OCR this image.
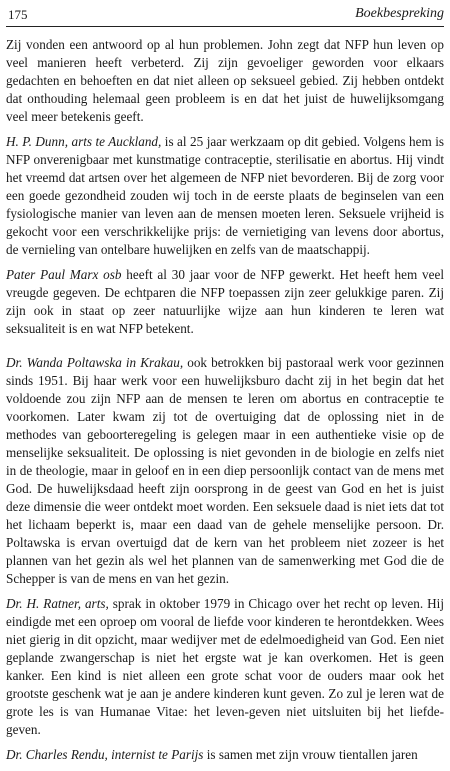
175	Boekbespreking

Zij vonden een antwoord op al hun problemen. John zegt dat NFP hun leven op veel manieren heeft verbeterd. Zij zijn gevoeliger geworden voor elkaars gedachten en behoeften en dat niet alleen op seksueel gebied. Zij hebben ontdekt dat onthouding helemaal geen probleem is en dat het juist de huwelijksomgang veel meer betekenis geeft.

H. P. Dunn, arts te Auckland, is al 25 jaar werkzaam op dit gebied. Volgens hem is NFP onverenigbaar met kunstmatige contraceptie, sterilisatie en abortus. Hij vindt het vreemd dat artsen over het algemeen de NFP niet bevorderen. Bij de zorg voor een goede gezondheid zouden wij toch in de eerste plaats de beginselen van een fysiologische manier van leven aan de mensen moeten leren. Seksuele vrijheid is gekocht voor een verschrikkelijke prijs: de vernietiging van levens door abortus, de vernieling van ontelbare huwelijken en zelfs van de maatschappij.

Pater Paul Marx osb heeft al 30 jaar voor de NFP gewerkt. Het heeft hem veel vreugde gegeven. De echtparen die NFP toepassen zijn zeer gelukkige paren. Zij zijn ook in staat op zeer natuurlijke wijze aan hun kinderen te leren wat seksualiteit is en wat NFP betekent.

Dr. Wanda Poltawska in Krakau, ook betrokken bij pastoraal werk voor gezinnen sinds 1951. Bij haar werk voor een huwelijksburo dacht zij in het begin dat het voldoende zou zijn NFP aan de mensen te leren om abortus en contraceptie te voorkomen. Later kwam zij tot de overtuiging dat de oplossing niet in de methodes van geboorteregeling is gelegen maar in een authentieke visie op de menselijke seksualiteit. De oplossing is niet gevonden in de biologie en zelfs niet in de theologie, maar in geloof en in een diep persoonlijk contact van de mens met God. De huwelijksdaad heeft zijn oorsprong in de geest van God en het is juist deze dimensie die weer ontdekt moet worden. Een seksuele daad is niet iets dat tot het lichaam beperkt is, maar een daad van de gehele menselijke persoon. Dr. Poltawska is ervan overtuigd dat de kern van het probleem niet zozeer is het plannen van het gezin als wel het plannen van de samenwerking met God die de Schepper is van de mens en van het gezin.

Dr. H. Ratner, arts, sprak in oktober 1979 in Chicago over het recht op leven. Hij eindigde met een oproep om vooral de liefde voor kinderen te herontdekken. Wees niet gierig in dit opzicht, maar wedijver met de edelmoedigheid van God. Een niet geplande zwangerschap is niet het ergste wat je kan overkomen. Het is geen kanker. Een kind is niet alleen een grote schat voor de ouders maar ook het grootste geschenk wat je aan je andere kinderen kunt geven. Zo zul je leren wat de grote les is van Humanae Vitae: het leven-geven niet uitsluiten bij het liefde-geven.

Dr. Charles Rendu, internist te Parijs is samen met zijn vrouw tientallen jaren
